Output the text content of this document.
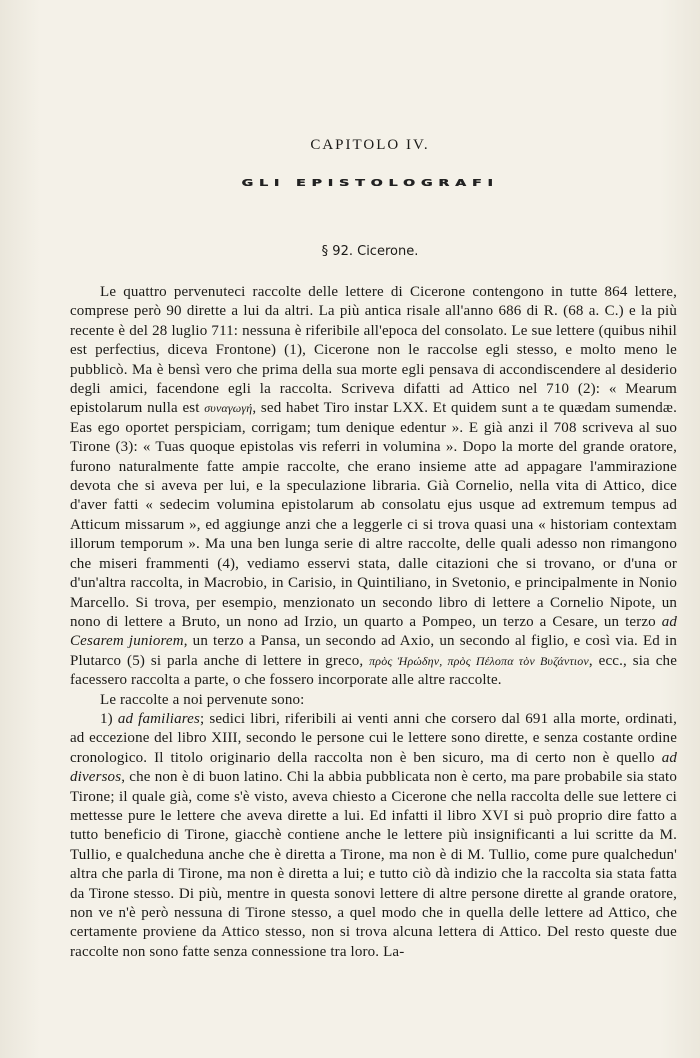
CAPITOLO IV.
GLI EPISTOLOGRAFI
§ 92. Cicerone.

Le quattro pervenuteci raccolte delle lettere di Cicerone contengono in tutte 864 lettere, comprese però 90 dirette a lui da altri. La più antica risale all'anno 686 di R. (68 a. C.) e la più recente è del 28 luglio 711: nessuna è riferibile all'epoca del consolato. Le sue lettere (quibus nihil est perfectius, diceva Frontone) (1), Cicerone non le raccolse egli stesso, e molto meno le pubblicò. Ma è bensì vero che prima della sua morte egli pensava di accondiscendere al desiderio degli amici, facendone egli la raccolta. Scriveva difatti ad Attico nel 710 (2): « Mearum epistolarum nulla est συναγωγή, sed habet Tiro instar LXX. Et quidem sunt a te quædam sumendæ. Eas ego oportet perspiciam, corrigam; tum denique edentur ». E già anzi il 708 scriveva al suo Tirone (3): « Tuas quoque epistolas vis referri in volumina ». Dopo la morte del grande oratore, furono naturalmente fatte ampie raccolte, che erano insieme atte ad appagare l'ammirazione devota che si aveva per lui, e la speculazione libraria. Già Cornelio, nella vita di Attico, dice d'aver fatti « sedecim volumina epistolarum ab consolatu ejus usque ad extremum tempus ad Atticum missarum », ed aggiunge anzi che a leggerle ci si trova quasi una « historiam contextam illorum temporum ». Ma una ben lunga serie di altre raccolte, delle quali adesso non rimangono che miseri frammenti (4), vediamo esservi stata, dalle citazioni che si trovano, or d'una or d'un'altra raccolta, in Macrobio, in Carisio, in Quintiliano, in Svetonio, e principalmente in Nonio Marcello. Si trova, per esempio, menzionato un secondo libro di lettere a Cornelio Nipote, un nono di lettere a Bruto, un nono ad Irzio, un quarto a Pompeo, un terzo a Cesare, un terzo ad Cesarem juniorem, un terzo a Pansa, un secondo ad Axio, un secondo al figlio, e così via. Ed in Plutarco (5) si parla anche di lettere in greco, πρὸς Ἡρώδην, πρὸς Πέλοπα τὸν Βυζάντιον, ecc., sia che facessero raccolta a parte, o che fossero incorporate alle altre raccolte.

Le raccolte a noi pervenute sono:

1) ad familiares; sedici libri, riferibili ai venti anni che corsero dal 691 alla morte, ordinati, ad eccezione del libro XIII, secondo le persone cui le lettere sono dirette, e senza costante ordine cronologico. Il titolo originario della raccolta non è ben sicuro, ma di certo non è quello ad diversos, che non è di buon latino. Chi la abbia pubblicata non è certo, ma pare probabile sia stato Tirone; il quale già, come s'è visto, aveva chiesto a Cicerone che nella raccolta delle sue lettere ci mettesse pure le lettere che aveva dirette a lui. Ed infatti il libro XVI si può proprio dire fatto a tutto beneficio di Tirone, giacchè contiene anche le lettere più insignificanti a lui scritte da M. Tullio, e qualcheduna anche che è diretta a Tirone, ma non è di M. Tullio, come pure qualchedun' altra che parla di Tirone, ma non è diretta a lui; e tutto ciò dà indizio che la raccolta sia stata fatta da Tirone stesso. Di più, mentre in questa sonovi lettere di altre persone dirette al grande oratore, non ve n'è però nessuna di Tirone stesso, a quel modo che in quella delle lettere ad Attico, che certamente proviene da Attico stesso, non si trova alcuna lettera di Attico. Del resto queste due raccolte non sono fatte senza connessione tra loro. La-
